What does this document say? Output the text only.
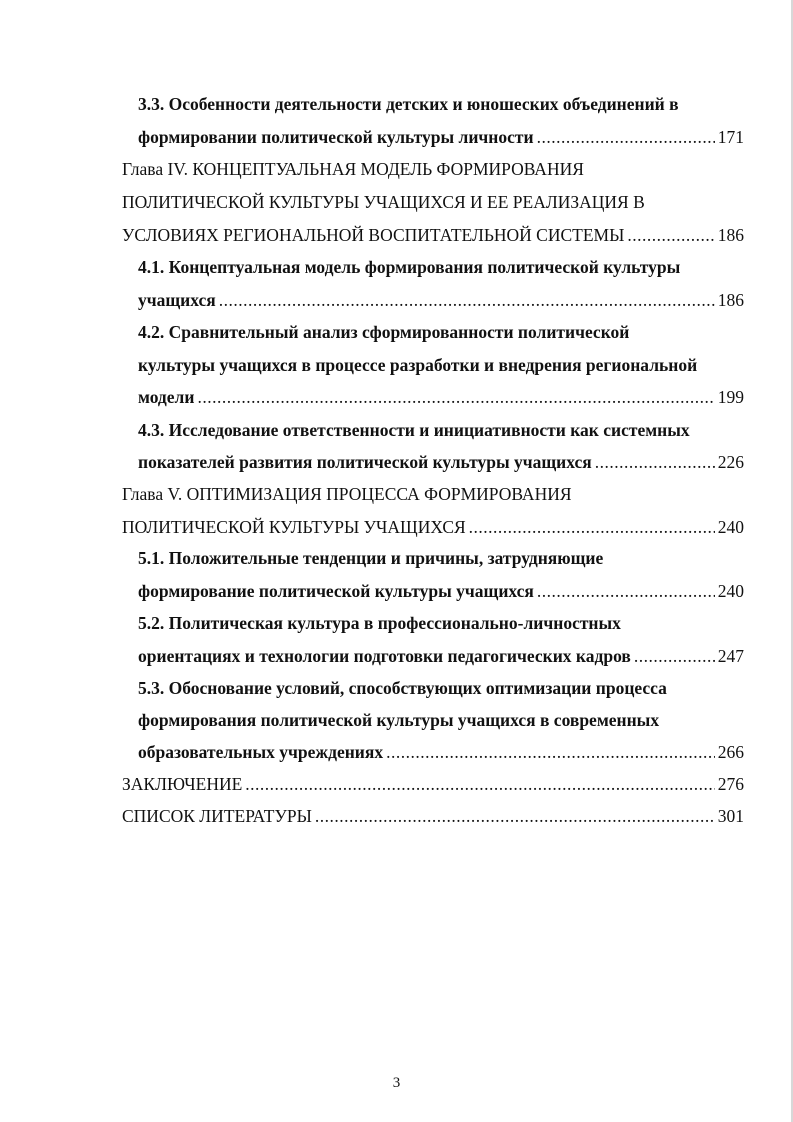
3.3. Особенности деятельности детских и юношеских объединений в
формировании политической культуры личности .....	171
Глава IV. КОНЦЕПТУАЛЬНАЯ МОДЕЛЬ ФОРМИРОВАНИЯ
ПОЛИТИЧЕСКОЙ КУЛЬТУРЫ УЧАЩИХСЯ И ЕЕ РЕАЛИЗАЦИЯ В
УСЛОВИЯХ РЕГИОНАЛЬНОЙ ВОСПИТАТЕЛЬНОЙ СИСТЕМЫ .....	186
4.1. Концептуальная модель формирования политической культуры
учащихся .....	186
4.2. Сравнительный анализ сформированности политической
культуры учащихся в процессе разработки и внедрения региональной
модели .....	199
4.3. Исследование ответственности и инициативности как системных
показателей развития политической культуры учащихся .....	226
Глава V. ОПТИМИЗАЦИЯ ПРОЦЕССА ФОРМИРОВАНИЯ
ПОЛИТИЧЕСКОЙ КУЛЬТУРЫ УЧАЩИХСЯ .....	240
5.1. Положительные тенденции и причины, затрудняющие
формирование политической культуры учащихся .....	240
5.2. Политическая культура в профессионально-личностных
ориентациях и технологии подготовки педагогических кадров .....	247
5.3. Обоснование условий, способствующих оптимизации процесса
формирования политической культуры учащихся в современных
образовательных учреждениях .....	266
ЗАКЛЮЧЕНИЕ .....	276
СПИСОК ЛИТЕРАТУРЫ .....	301
3
